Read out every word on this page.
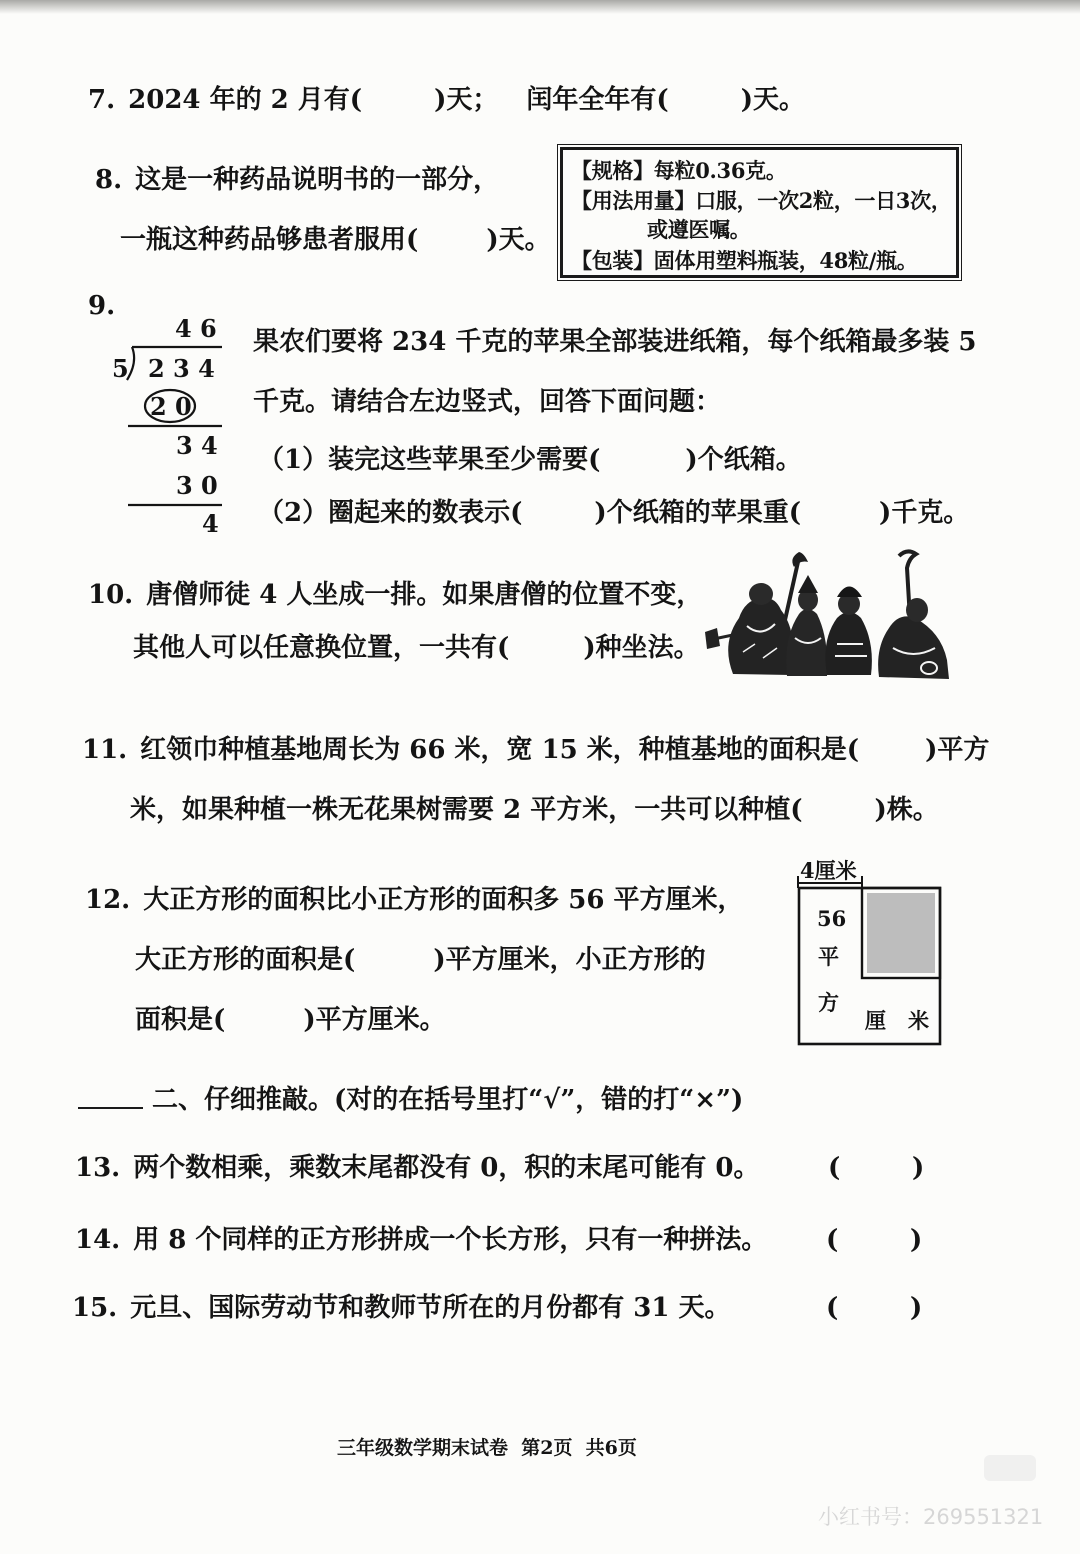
7. 2024 年的 2 月有(	)天； 闰年全年有(	)天。
8. 这是一种药品说明书的一部分，
一瓶这种药品够患者服用(	)天。
【规格】每粒0.36克。
【用法用量】口服，一次2粒，一日3次，
或遵医嘱。
【包装】固体用塑料瓶装，48粒/瓶。
9.
4 6
5 2 3 4
2 0
3 4
3 0
4
果农们要将 234 千克的苹果全部装进纸箱，每个纸箱最多装 5
千克。请结合左边竖式，回答下面问题：
（1）装完这些苹果至少需要(	)个纸箱。
（2）圈起来的数表示(	)个纸箱的苹果重(	)千克。
10. 唐僧师徒 4 人坐成一排。如果唐僧的位置不变，
其他人可以任意换位置，一共有(	)种坐法。
11. 红领巾种植基地周长为 66 米，宽 15 米，种植基地的面积是(	)平方
米，如果种植一株无花果树需要 2 平方米，一共可以种植(	)株。
12. 大正方形的面积比小正方形的面积多 56 平方厘米，
大正方形的面积是(	)平方厘米，小正方形的
面积是(	)平方厘米。
4厘米
56
平
方
厘 米
二、仔细推敲。(对的在括号里打“√”，错的打“×”)
13. 两个数相乘，乘数末尾都没有 0，积的末尾可能有 0。	(	)
14. 用 8 个同样的正方形拼成一个长方形，只有一种拼法。 (	)
15. 元旦、国际劳动节和教师节所在的月份都有 31 天。	(	)
三年级数学期末试卷  第2页  共6页
小红书号：269551321
